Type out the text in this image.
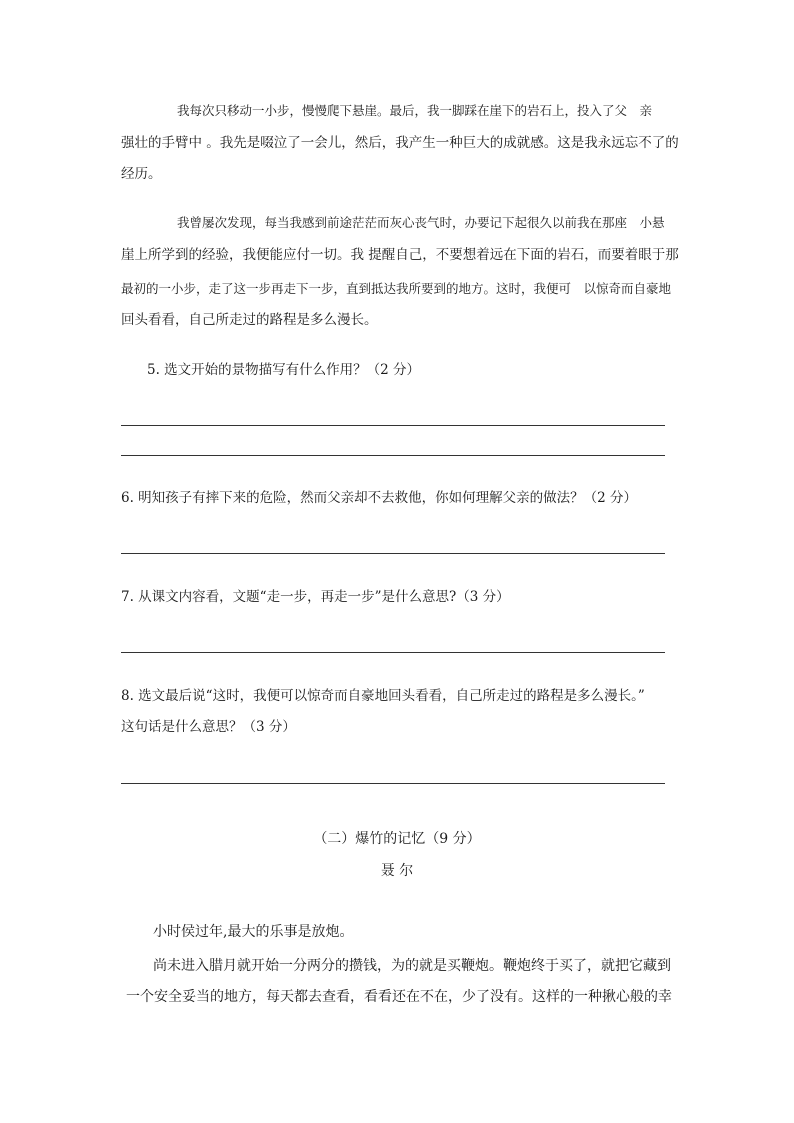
我每次只移动一小步，慢慢爬下悬崖。最后，我一脚踩在崖下的岩石上，投入了父　亲
强壮的手臂中 。我先是啜泣了一会儿，然后，我产生一种巨大的成就感。这是我永远忘不了的
经历。
我曾屡次发现，每当我感到前途茫茫而灰心丧气时，办要记下起很久以前我在那座　小悬
崖上所学到的经验，我便能应付一切。我 提醒自己，不要想着远在下面的岩石，而要着眼于那
最初的一小步，走了这一步再走下一步，直到抵达我所要到的地方。这时，我便可　以惊奇而自豪地
回头看看，自己所走过的路程是多么漫长。
5. 选文开始的景物描写有什么作用？（2 分）
6. 明知孩子有摔下来的危险，然而父亲却不去救他，你如何理解父亲的做法？（2 分）
7. 从课文内容看，文题“走一步，再走一步”是什么意思?（3 分）
8. 选文最后说“这时，我便可以惊奇而自豪地回头看看，自己所走过的路程是多么漫长。”
这句话是什么意思？（3 分）
（二）爆竹的记忆（9 分）
聂 尔
小时侯过年,最大的乐事是放炮。
尚未进入腊月就开始一分两分的攒钱，为的就是买鞭炮。鞭炮终于买了，就把它藏到
一个安全妥当的地方，每天都去查看，看看还在不在，少了没有。这样的一种揪心般的幸
